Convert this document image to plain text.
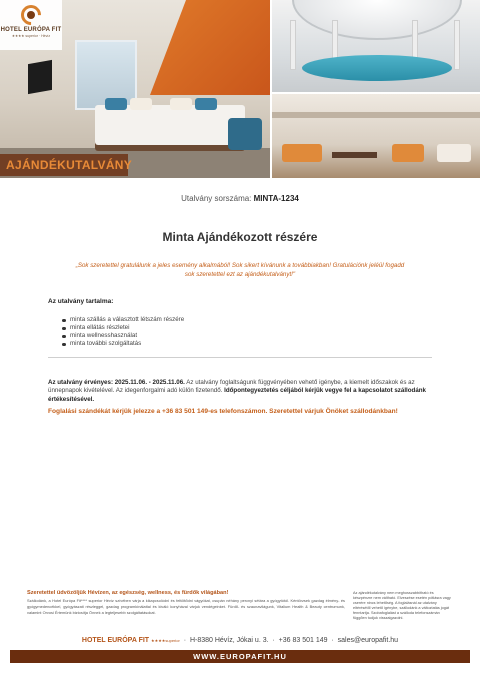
HOTEL EURÓPA FIT
★★★★ superior · Hévíz
AJÁNDÉKUTALVÁNY
Utalvány sorszáma: MINTA-1234
Minta Ajándékozott részére
„Sok szeretettel gratulálunk a jeles esemény alkalmából! Sok sikert kívánunk a továbbiakban! Gratulációnk jeléül fogadd
sok szeretettel ezt az ajándékutalványt!"
Az utalvány tartalma:
minta szállás a választott létszám részére
minta ellátás részletei
minta wellnesshasználat
minta további szolgáltatás
Az utalvány érvényes: 2025.11.06. - 2025.11.06. Az utalvány foglaltságunk függvényében vehető igénybe, a kiemelt időszakok és az ünnepnapok kivételével. Az idegenforgalmi adó külön fizetendő. Időpontegyeztetés céljából kérjük vegye fel a kapcsolatot szállodánk értékesítésével.
Foglalási szándékát kérjük jelezze a +36 83 501 149-es telefonszámon. Szeretettel várjuk Önöket szállodánkban!
Szeretettel üdvözöljük Hévízen, az egészség, wellness, és fürdők világában!
Szállodánk, a Hotel Európa Fit**** superior Hévíz szívében várja a kikapcsolódni és feltöltődni vágyókat, csupán néhány percnyi sétára a gyógytótól. Kéntörzsek gazdag élmény- és gyógymedencékkel, gyógyászati részleggel, gazdag programkínálattal és kiváló konyhával várjuk vendégeinket. Fürdő- és szaunavilágunk, Vitalium Health & Beauty centrumunk, valamint Orvosi Értemünk biztosítja Önnek a legteljesebb szolgáltatásokat.
Az ajándékutalvány nem meghosszabbítható és készpénzre nem váltható. Elveszése esetén pótlásra vagy cserére nincs lehetőség. A foglalásnál az utalvány eltérésétől vehető igénybe, szállodánk a változtatás jogát fenntartja. Szobafoglalást a szálloda telefonszámán függően tudjuk visszaigazolni.
HOTEL EURÓPA FIT ★★★★superior  ·  H-8380 Hévíz, Jókai u. 3.  ·  +36 83 501 149  ·  sales@europafit.hu
WWW.EUROPAFIT.HU
